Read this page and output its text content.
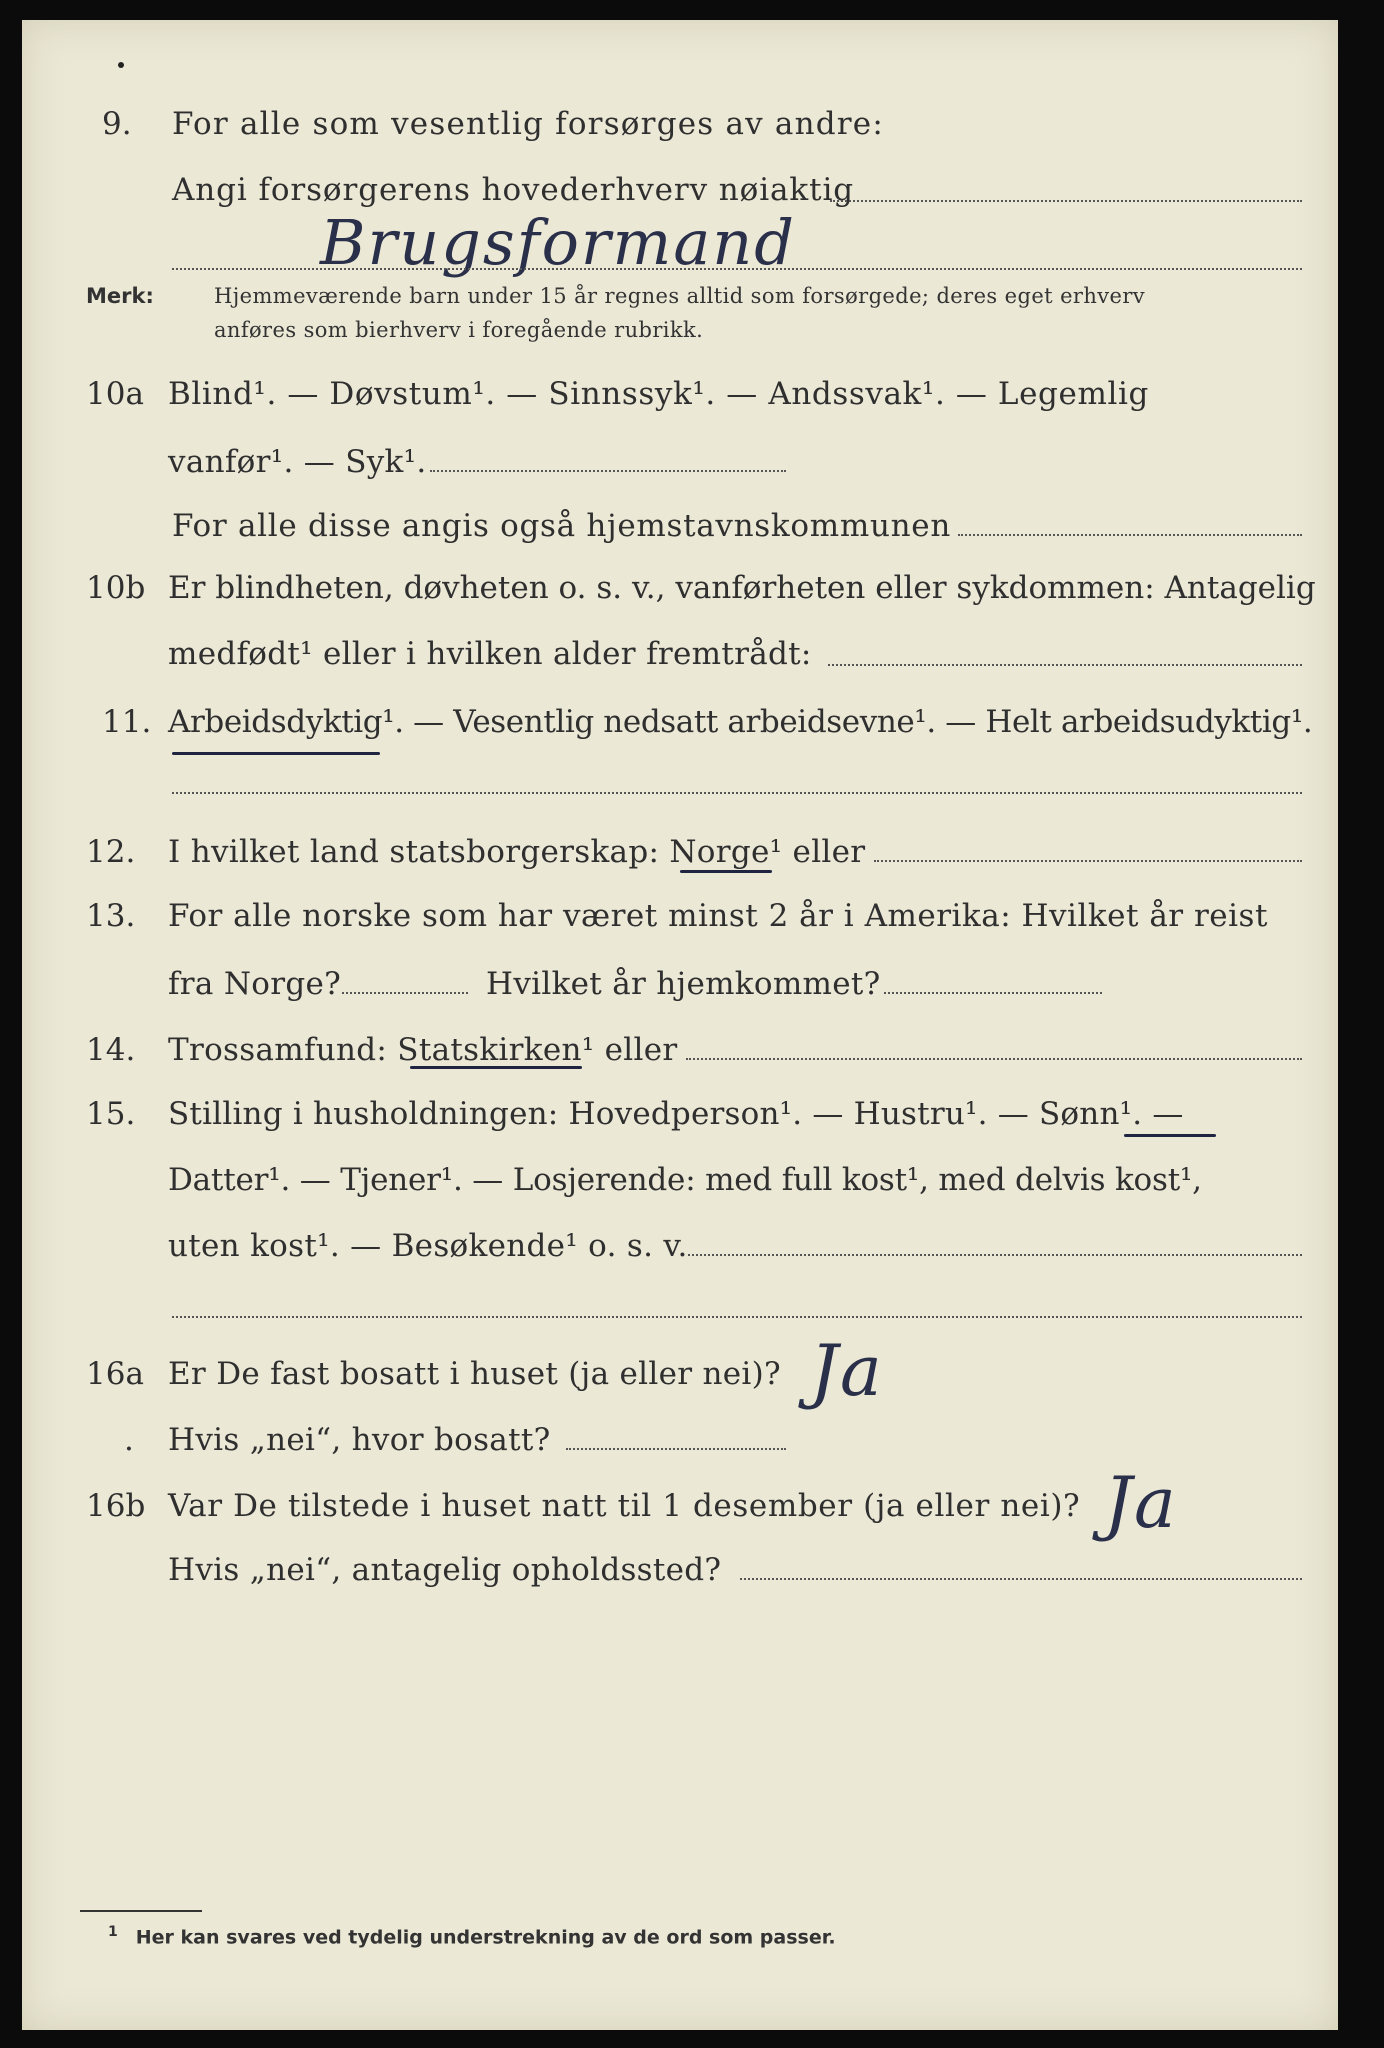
9. For alle som vesentlig forsørges av andre:
Angi forsørgerens hovederhverv nøiaktig
Brugsformand
Merk:	Hjemmeværende barn under 15 år regnes alltid som forsørgede; deres eget erhverv
anføres som bierhverv i foregående rubrikk.
10a Blind¹. — Døvstum¹. — Sinnssyk¹. — Andssvak¹. — Legemlig
vanfør¹. — Syk¹.
For alle disse angis også hjemstavnskommunen
10b Er blindheten, døvheten o. s. v., vanførheten eller sykdommen: Antagelig
medfødt¹ eller i hvilken alder fremtrådt:
11. Arbeidsdyktig¹. — Vesentlig nedsatt arbeidsevne¹. — Helt arbeidsudyktig¹.
12. I hvilket land statsborgerskap: Norge¹ eller
13. For alle norske som har været minst 2 år i Amerika: Hvilket år reist
fra Norge?	Hvilket år hjemkommet?
14. Trossamfund: Statskirken¹ eller
15. Stilling i husholdningen: Hovedperson¹. — Hustru¹. — Sønn¹. —
Datter¹. — Tjener¹. — Losjerende: med full kost¹, med delvis kost¹,
uten kost¹. — Besøkende¹ o. s. v.
16a Er De fast bosatt i huset (ja eller nei)? Ja
. Hvis „nei“, hvor bosatt?
16b Var De tilstede i huset natt til 1 desember (ja eller nei)? Ja
Hvis „nei“, antagelig opholdssted?
$^1$ Her kan svares ved tydelig understrekning av de ord som passer.
